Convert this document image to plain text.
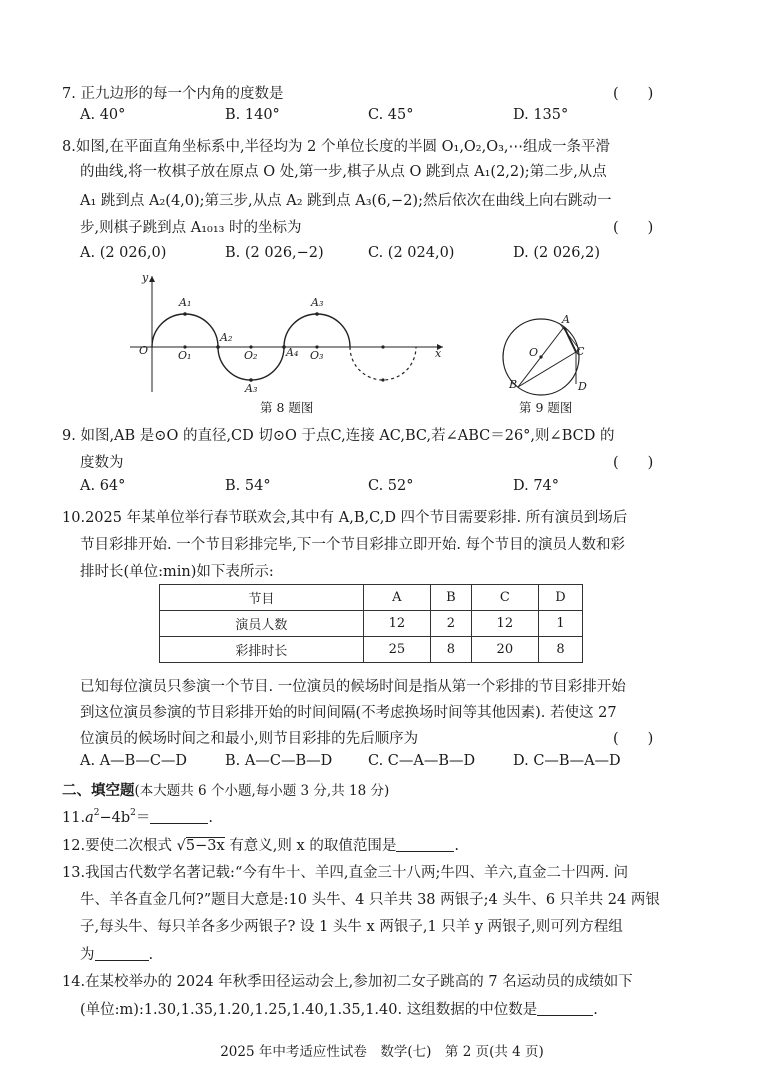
7. 正九边形的每一个内角的度数是	(　　)
A. 40°	B. 140°	C. 45°	D. 135°
8.如图,在平面直角坐标系中,半径均为 2 个单位长度的半圆 O₁,O₂,O₃,⋯组成一条平滑
的曲线,将一枚棋子放在原点 O 处,第一步,棋子从点 O 跳到点 A₁(2,2);第二步,从点
A₁ 跳到点 A₂(4,0);第三步,从点 A₂ 跳到点 A₃(6,−2);然后依次在曲线上向右跳动一
步,则棋子跳到点 A₁₀₁₃ 时的坐标为	(　　)
A. (2 026,0)	B. (2 026,−2)	C. (2 024,0)	D. (2 026,2)
y
x
O	O₁	O₂	O₃
A₁
A₂
A₃
A₄
A₃
第 8 题图
A
O	C
B	D
第 9 题图
9. 如图,AB 是⊙O 的直径,CD 切⊙O 于点C,连接 AC,BC,若∠ABC＝26°,则∠BCD 的
度数为	(　　)
A. 64°	B. 54°	C. 52°	D. 74°
10.2025 年某单位举行春节联欢会,其中有 A,B,C,D 四个节目需要彩排. 所有演员到场后
节目彩排开始. 一个节目彩排完毕,下一个节目彩排立即开始. 每个节目的演员人数和彩
排时长(单位:min)如下表所示:
节目	A	B	C	D
演员人数	12	2	12	1
彩排时长	25	8	20	8
已知每位演员只参演一个节目. 一位演员的候场时间是指从第一个彩排的节目彩排开始
到这位演员参演的节目彩排开始的时间间隔(不考虑换场时间等其他因素). 若使这 27
位演员的候场时间之和最小,则节目彩排的先后顺序为	(　　)
A. A—B—C—D	B. A—C—B—D C. C—A—B—D	D. C—B—A—D
二、填空题(本大题共 6 个小题,每小题 3 分,共 18 分)
$11.a^2-4b^2=$	.
12.要使二次根式 √5−3x 有意义,则 x 的取值范围是	.
13.我国古代数学名著记载:“今有牛十、羊四,直金三十八两;牛四、羊六,直金二十四两. 问
牛、羊各直金几何?”题目大意是:10 头牛、4 只羊共 38 两银子;4 头牛、6 只羊共 24 两银
子,每头牛、每只羊各多少两银子? 设 1 头牛 x 两银子,1 只羊 y 两银子,则可列方程组
为	.
14.在某校举办的 2024 年秋季田径运动会上,参加初二女子跳高的 7 名运动员的成绩如下
(单位:m):1.30,1.35,1.20,1.25,1.40,1.35,1.40. 这组数据的中位数是	.
2025 年中考适应性试卷　数学(七)　第 2 页(共 4 页)
